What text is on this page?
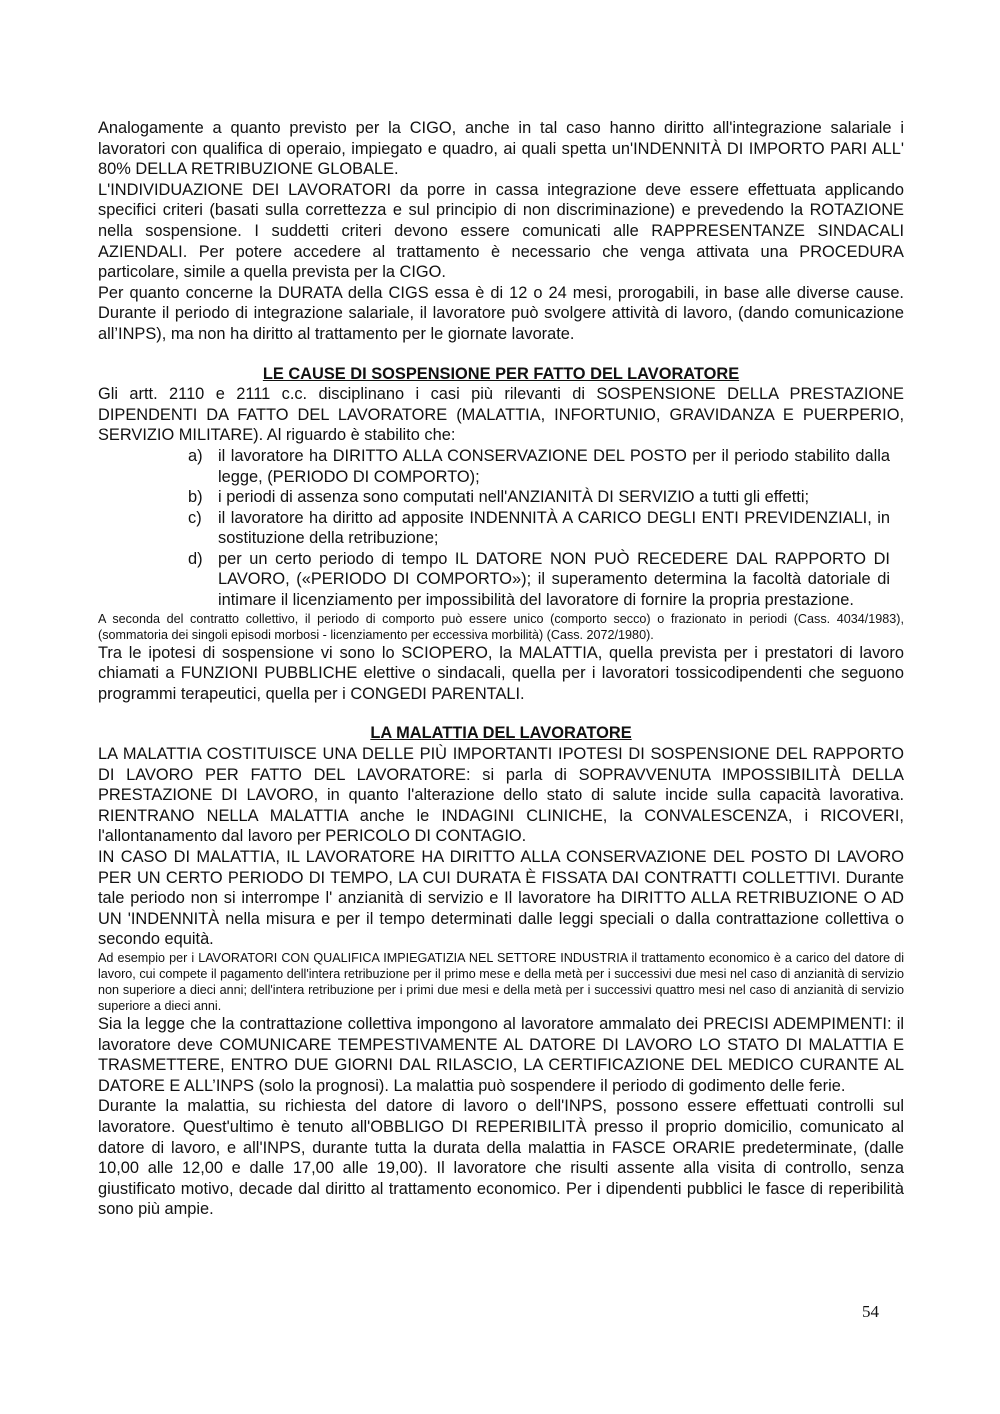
Analogamente a quanto previsto per la CIGO, anche in tal caso hanno diritto all'integrazione salariale i lavoratori con qualifica di operaio, impiegato e quadro, ai quali spetta un'INDENNITÀ DI IMPORTO PARI ALL' 80% DELLA RETRIBUZIONE GLOBALE.

L'INDIVIDUAZIONE DEI LAVORATORI da porre in cassa integrazione deve essere effettuata applicando specifici criteri (basati sulla correttezza e sul principio di non discriminazione) e prevedendo la ROTAZIONE nella sospensione. I suddetti criteri devono essere comunicati alle RAPPRESENTANZE SINDACALI AZIENDALI. Per potere accedere al trattamento è necessario che venga attivata una PROCEDURA particolare, simile a quella prevista per la CIGO.

Per quanto concerne la DURATA della CIGS essa è di 12 o 24 mesi, prorogabili, in base alle diverse cause. Durante il periodo di integrazione salariale, il lavoratore può svolgere attività di lavoro, (dando comunicazione all’INPS), ma non ha diritto al trattamento per le giornate lavorate.

LE CAUSE DI SOSPENSIONE PER FATTO DEL LAVORATORE

Gli artt. 2110 e 2111 c.c. disciplinano i casi più rilevanti di SOSPENSIONE DELLA PRESTAZIONE DIPENDENTI DA FATTO DEL LAVORATORE (MALATTIA, INFORTUNIO, GRAVIDANZA E PUERPERIO, SERVIZIO MILITARE). Al riguardo è stabilito che:

a) il lavoratore ha DIRITTO ALLA CONSERVAZIONE DEL POSTO per il periodo stabilito dalla legge, (PERIODO DI COMPORTO);
b) i periodi di assenza sono computati nell'ANZIANITÀ DI SERVIZIO a tutti gli effetti;
c) il lavoratore ha diritto ad apposite INDENNITÀ A CARICO DEGLI ENTI PREVIDENZIALI, in sostituzione della retribuzione;
d) per un certo periodo di tempo IL DATORE NON PUÒ RECEDERE DAL RAPPORTO DI LAVORO, («PERIODO DI COMPORTO»); il superamento determina la facoltà datoriale di intimare il licenziamento per impossibilità del lavoratore di fornire la propria prestazione.

A seconda del contratto collettivo, il periodo di comporto può essere unico (comporto secco) o frazionato in periodi (Cass. 4034/1983), (sommatoria dei singoli episodi morbosi - licenziamento per eccessiva morbilità) (Cass. 2072/1980).

Tra le ipotesi di sospensione vi sono lo SCIOPERO, la MALATTIA, quella prevista per i prestatori di lavoro chiamati a FUNZIONI PUBBLICHE elettive o sindacali, quella per i lavoratori tossicodipendenti che seguono programmi terapeutici, quella per i CONGEDI PARENTALI.

LA MALATTIA DEL LAVORATORE

LA MALATTIA COSTITUISCE UNA DELLE PIÙ IMPORTANTI IPOTESI DI SOSPENSIONE DEL RAPPORTO DI LAVORO PER FATTO DEL LAVORATORE: si parla di SOPRAVVENUTA IMPOSSIBILITÀ DELLA PRESTAZIONE DI LAVORO, in quanto l'alterazione dello stato di salute incide sulla capacità lavorativa. RIENTRANO NELLA MALATTIA anche le INDAGINI CLINICHE, la CONVALESCENZA, i RICOVERI, l'allontanamento dal lavoro per PERICOLO DI CONTAGIO.

IN CASO DI MALATTIA, IL LAVORATORE HA DIRITTO ALLA CONSERVAZIONE DEL POSTO DI LAVORO PER UN CERTO PERIODO DI TEMPO, LA CUI DURATA È FISSATA DAI CONTRATTI COLLETTIVI. Durante tale periodo non si interrompe l' anzianità di servizio e Il lavoratore ha DIRITTO ALLA RETRIBUZIONE O AD UN 'INDENNITÀ nella misura e per il tempo determinati dalle leggi speciali o dalla contrattazione collettiva o secondo equità.

Ad esempio per i LAVORATORI CON QUALIFICA IMPIEGATIZIA NEL SETTORE INDUSTRIA il trattamento economico è a carico del datore di lavoro, cui compete il pagamento dell'intera retribuzione per il primo mese e della metà per i successivi due mesi nel caso di anzianità di servizio non superiore a dieci anni; dell'intera retribuzione per i primi due mesi e della metà per i successivi quattro mesi nel caso di anzianità di servizio superiore a dieci anni.

Sia la legge che la contrattazione collettiva impongono al lavoratore ammalato dei PRECISI ADEMPIMENTI: il lavoratore deve COMUNICARE TEMPESTIVAMENTE AL DATORE DI LAVORO LO STATO DI MALATTIA E TRASMETTERE, ENTRO DUE GIORNI DAL RILASCIO, LA CERTIFICAZIONE DEL MEDICO CURANTE AL DATORE E ALL’INPS (solo la prognosi). La malattia può sospendere il periodo di godimento delle ferie.

Durante la malattia, su richiesta del datore di lavoro o dell'INPS, possono essere effettuati controlli sul lavoratore. Quest'ultimo è tenuto all'OBBLIGO DI REPERIBILITÀ presso il proprio domicilio, comunicato al datore di lavoro, e all'INPS, durante tutta la durata della malattia in FASCE ORARIE predeterminate, (dalle 10,00 alle 12,00 e dalle 17,00 alle 19,00). Il lavoratore che risulti assente alla visita di controllo, senza giustificato motivo, decade dal diritto al trattamento economico. Per i dipendenti pubblici le fasce di reperibilità sono più ampie.

54
